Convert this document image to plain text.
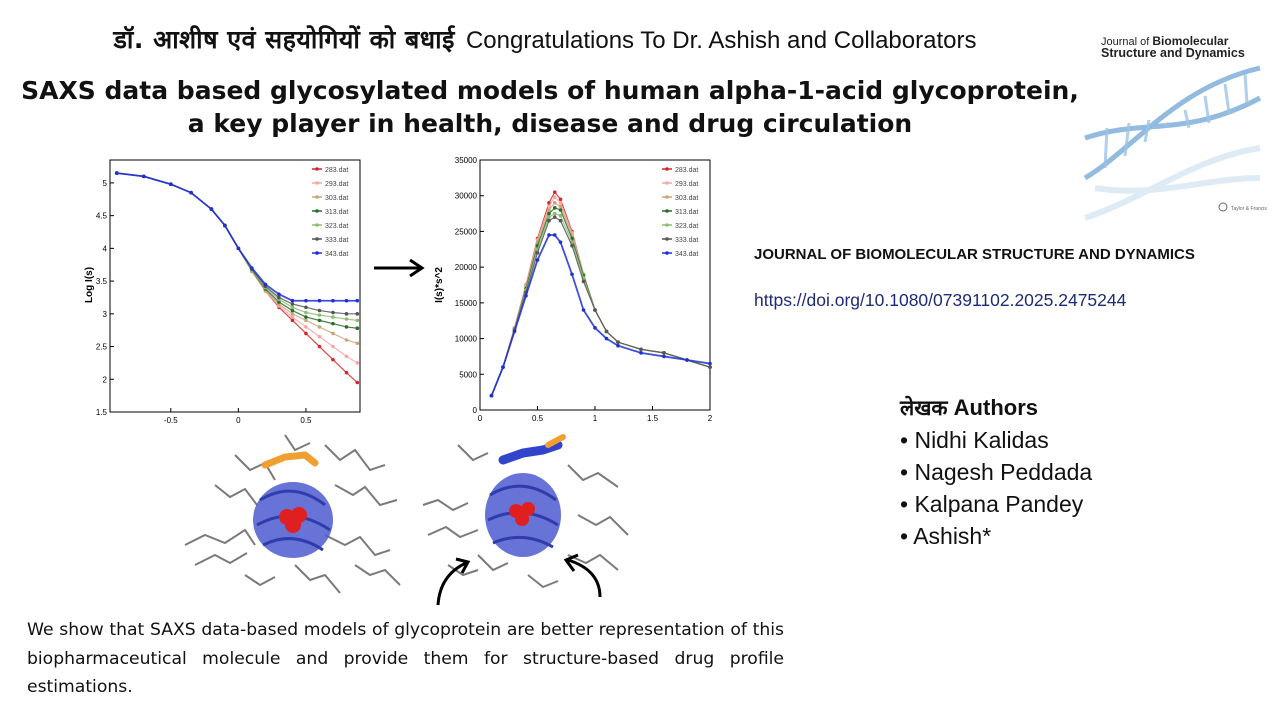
डॉ. आशीष एवं सहयोगियों को बधाई Congratulations To Dr. Ashish and Collaborators
SAXS data based glycosylated models of human alpha-1-acid glycoprotein,
a key player in health, disease and drug circulation
Taylor & Francis
Journal of Biomolecular
Structure and Dynamics
JOURNAL OF BIOMOLECULAR STRUCTURE AND DYNAMICS
https://doi.org/10.1080/07391102.2025.2475244
1.5
2
2.5
3
3.5
4
4.5
5
-0.5	0	0.5
283.dat
293.dat
303.dat
313.dat
323.dat
333.dat
343.dat
Log I(s)
0
5000
10000
15000
20000
25000
30000
35000
0	0.5	1	1.5	2
283.dat
293.dat
303.dat
313.dat
323.dat
333.dat
343.dat
I(s)*s^2
लेखक Authors
• Nidhi Kalidas
• Nagesh Peddada
• Kalpana Pandey
• Ashish*
We show that SAXS data-based models of glycoprotein are better representation of this biopharmaceutical molecule and provide them for structure-based drug profile estimations.
